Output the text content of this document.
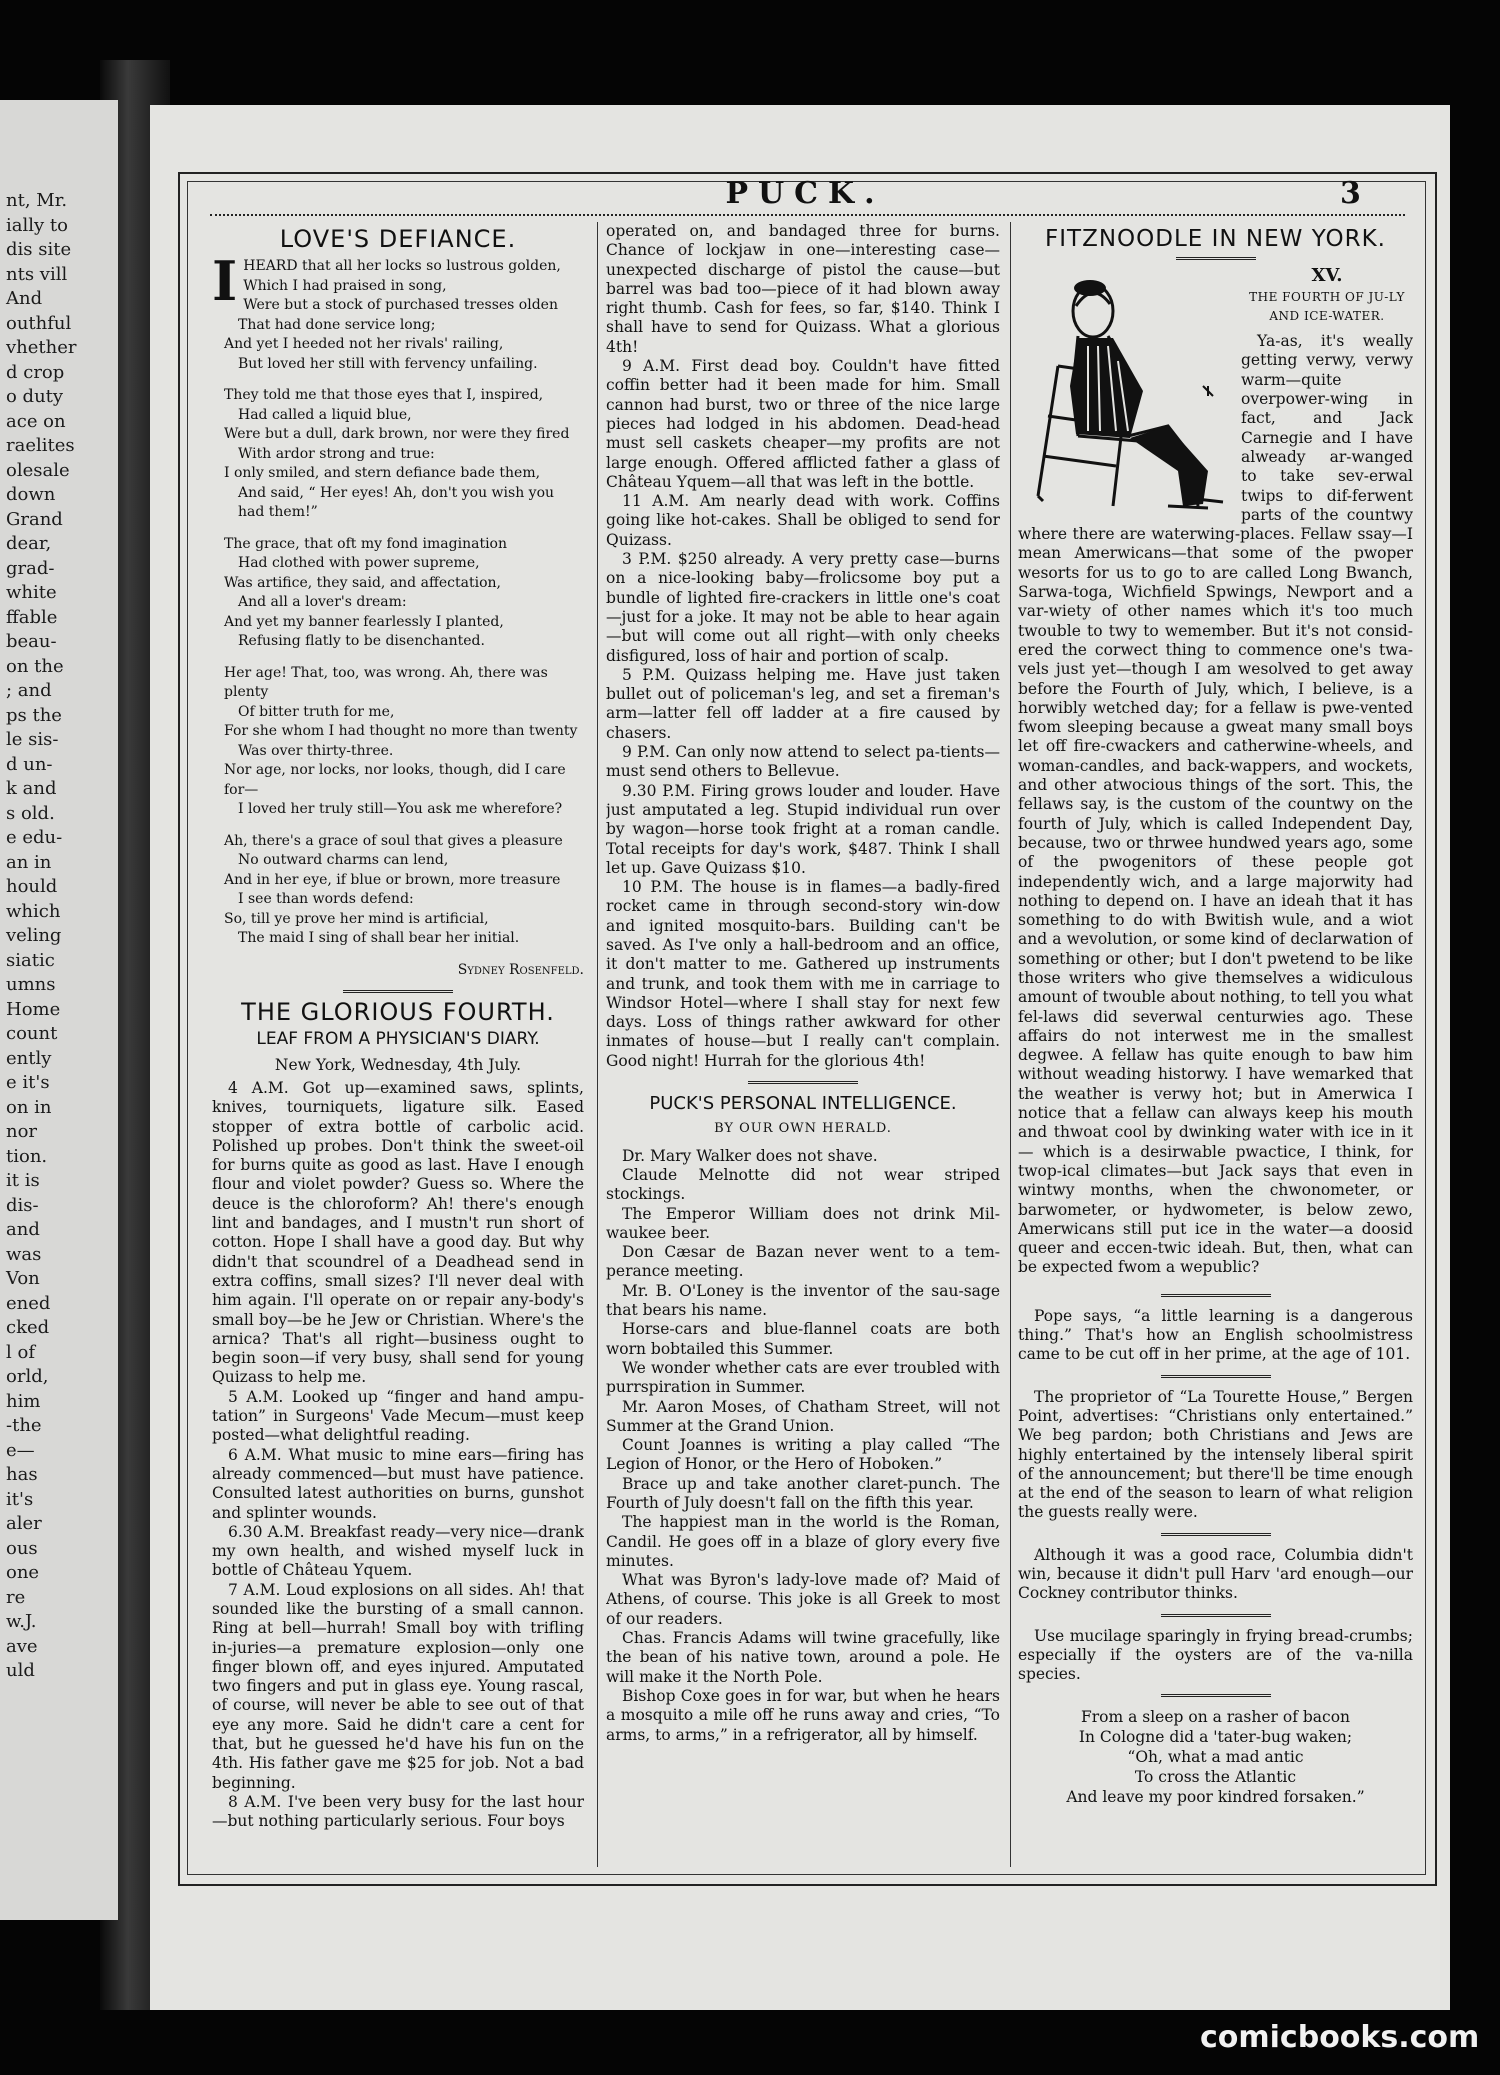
nt, Mr.
ially to
dis site
nts vill
And
outhful
vhether
d crop
o duty
ace on
raelites
olesale
down
Grand
dear,
grad-
white
ffable
beau-
on the
; and
ps the
le sis-
d un-
k and
s old.
e edu-
an in
hould
which
veling
siatic
umns
Home
count
ently
e it's
on in
nor
tion.
it is
dis-
and
was
Von
ened
cked
l of
orld,
him
-the
e—
has
it's
aler
ous
one
re
w.J.
ave
uld
PUCK.	3
LOVE'S DEFIANCE.
I HEARD that all her locks so lustrous golden,

Which I had praised in song,

Were but a stock of purchased tresses olden

That had done service long;

And yet I heeded not her rivals' railing,

But loved her still with fervency unfailing.

They told me that those eyes that I, inspired,

Had called a liquid blue,

Were but a dull, dark brown, nor were they fired

With ardor strong and true:

I only smiled, and stern defiance bade them,

And said, “ Her eyes! Ah, don't you wish you had them!”

The grace, that oft my fond imagination

Had clothed with power supreme,

Was artifice, they said, and affectation,

And all a lover's dream:

And yet my banner fearlessly I planted,

Refusing flatly to be disenchanted.

Her age! That, too, was wrong. Ah, there was plenty

Of bitter truth for me,

For she whom I had thought no more than twenty

Was over thirty-three.

Nor age, nor locks, nor looks, though, did I care for—

I loved her truly still—You ask me wherefore?

Ah, there's a grace of soul that gives a pleasure

No outward charms can lend,

And in her eye, if blue or brown, more treasure

I see than words defend:

So, till ye prove her mind is artificial,

The maid I sing of shall bear her initial.

Sydney Rosenfeld.
THE GLORIOUS FOURTH.
LEAF FROM A PHYSICIAN'S DIARY.
New York, Wednesday, 4th July.

4 A.M. Got up—examined saws, splints, knives, tourniquets, ligature silk. Eased stopper of extra bottle of carbolic acid. Polished up probes. Don't think the sweet-oil for burns quite as good as last. Have I enough flour and violet powder? Guess so. Where the deuce is the chloroform? Ah! there's enough lint and bandages, and I mustn't run short of cotton. Hope I shall have a good day. But why didn't that scoundrel of a Deadhead send in extra coffins, small sizes? I'll never deal with him again. I'll operate on or repair any-body's small boy—be he Jew or Christian. Where's the arnica? That's all right—business ought to begin soon—if very busy, shall send for young Quizass to help me.

5 A.M. Looked up “finger and hand ampu-tation” in Surgeons' Vade Mecum—must keep posted—what delightful reading.

6 A.M. What music to mine ears—firing has already commenced—but must have patience. Consulted latest authorities on burns, gunshot and splinter wounds.

6.30 A.M. Breakfast ready—very nice—drank my own health, and wished myself luck in bottle of Château Yquem.

7 A.M. Loud explosions on all sides. Ah! that sounded like the bursting of a small cannon. Ring at bell—hurrah! Small boy with trifling in-juries—a premature explosion—only one finger blown off, and eyes injured. Amputated two fingers and put in glass eye. Young rascal, of course, will never be able to see out of that eye any more. Said he didn't care a cent for that, but he guessed he'd have his fun on the 4th. His father gave me $25 for job. Not a bad beginning.

8 A.M. I've been very busy for the last hour—but nothing particularly serious. Four boys

operated on, and bandaged three for burns. Chance of lockjaw in one—interesting case—unexpected discharge of pistol the cause—but barrel was bad too—piece of it had blown away right thumb. Cash for fees, so far, $140. Think I shall have to send for Quizass. What a glorious 4th!

9 A.M. First dead boy. Couldn't have fitted coffin better had it been made for him. Small cannon had burst, two or three of the nice large pieces had lodged in his abdomen. Dead-head must sell caskets cheaper—my profits are not large enough. Offered afflicted father a glass of Château Yquem—all that was left in the bottle.

11 A.M. Am nearly dead with work. Coffins going like hot-cakes. Shall be obliged to send for Quizass.

3 P.M. $250 already. A very pretty case—burns on a nice-looking baby—frolicsome boy put a bundle of lighted fire-crackers in little one's coat—just for a joke. It may not be able to hear again—but will come out all right—with only cheeks disfigured, loss of hair and portion of scalp.

5 P.M. Quizass helping me. Have just taken bullet out of policeman's leg, and set a fireman's arm—latter fell off ladder at a fire caused by chasers.

9 P.M. Can only now attend to select pa-tients—must send others to Bellevue.

9.30 P.M. Firing grows louder and louder. Have just amputated a leg. Stupid individual run over by wagon—horse took fright at a roman candle. Total receipts for day's work, $487. Think I shall let up. Gave Quizass $10.

10 P.M. The house is in flames—a badly-fired rocket came in through second-story win-dow and ignited mosquito-bars. Building can't be saved. As I've only a hall-bedroom and an office, it don't matter to me. Gathered up instruments and trunk, and took them with me in carriage to Windsor Hotel—where I shall stay for next few days. Loss of things rather awkward for other inmates of house—but I really can't complain. Good night! Hurrah for the glorious 4th!

PUCK'S PERSONAL INTELLIGENCE.
BY OUR OWN HERALD.

Dr. Mary Walker does not shave.

Claude Melnotte did not wear striped stockings.

The Emperor William does not drink Mil-waukee beer.

Don Cæsar de Bazan never went to a tem-perance meeting.

Mr. B. O'Loney is the inventor of the sau-sage that bears his name.

Horse-cars and blue-flannel coats are both worn bobtailed this Summer.

We wonder whether cats are ever troubled with purrspiration in Summer.

Mr. Aaron Moses, of Chatham Street, will not Summer at the Grand Union.

Count Joannes is writing a play called “The Legion of Honor, or the Hero of Hoboken.”

Brace up and take another claret-punch. The Fourth of July doesn't fall on the fifth this year.

The happiest man in the world is the Roman, Candil. He goes off in a blaze of glory every five minutes.

What was Byron's lady-love made of? Maid of Athens, of course. This joke is all Greek to most of our readers.

Chas. Francis Adams will twine gracefully, like the bean of his native town, around a pole. He will make it the North Pole.

Bishop Coxe goes in for war, but when he hears a mosquito a mile off he runs away and cries, “To arms, to arms,” in a refrigerator, all by himself.

FITZNOODLE IN NEW YORK.
XV.
THE FOURTH OF JU-LY AND ICE-WATER.

Ya-as, it's weally getting verwy, verwy warm—quite overpower-wing in fact, and Jack Carnegie and I have alweady ar-wanged to take sev-erwal twips to dif-ferwent parts of the countwy where there are waterwing-places. Fellaw ssay—I mean Amerwicans—that some of the pwoper wesorts for us to go to are called Long Bwanch, Sarwa-toga, Wichfield Spwings, Newport and a var-wiety of other names which it's too much twouble to twy to wemember. But it's not consid-ered the corwect thing to commence one's twa-vels just yet—though I am wesolved to get away before the Fourth of July, which, I believe, is a horwibly wetched day; for a fellaw is pwe-vented fwom sleeping because a gweat many small boys let off fire-cwackers and catherwine-wheels, and woman-candles, and back-wappers, and wockets, and other atwocious things of the sort. This, the fellaws say, is the custom of the countwy on the fourth of July, which is called Independent Day, because, two or thrwee hundwed years ago, some of the pwogenitors of these people got independently wich, and a large majorwity had nothing to depend on. I have an ideah that it has something to do with Bwitish wule, and a wiot and a wevolution, or some kind of declarwation of something or other; but I don't pwetend to be like those writers who give themselves a widiculous amount of twouble about nothing, to tell you what fel-laws did severwal centurwies ago. These affairs do not interwest me in the smallest degwee. A fellaw has quite enough to baw him without weading historwy. I have wemarked that the weather is verwy hot; but in Amerwica I notice that a fellaw can always keep his mouth and thwoat cool by dwinking water with ice in it— which is a desirwable pwactice, I think, for twop-ical climates—but Jack says that even in wintwy months, when the chwonometer, or barwometer, or hydwometer, is below zewo, Amerwicans still put ice in the water—a doosid queer and eccen-twic ideah. But, then, what can be expected fwom a wepublic?

Pope says, “a little learning is a dangerous thing.” That's how an English schoolmistress came to be cut off in her prime, at the age of 101.

The proprietor of “La Tourette House,” Bergen Point, advertises: “Christians only entertained.” We beg pardon; both Christians and Jews are highly entertained by the intensely liberal spirit of the announcement; but there'll be time enough at the end of the season to learn of what religion the guests really were.

Although it was a good race, Columbia didn't win, because it didn't pull Harv 'ard enough—our Cockney contributor thinks.

Use mucilage sparingly in frying bread-crumbs; especially if the oysters are of the va-nilla species.

From a sleep on a rasher of bacon

In Cologne did a 'tater-bug waken;

“Oh, what a mad antic

To cross the Atlantic

And leave my poor kindred forsaken.”

comicbooks.com
